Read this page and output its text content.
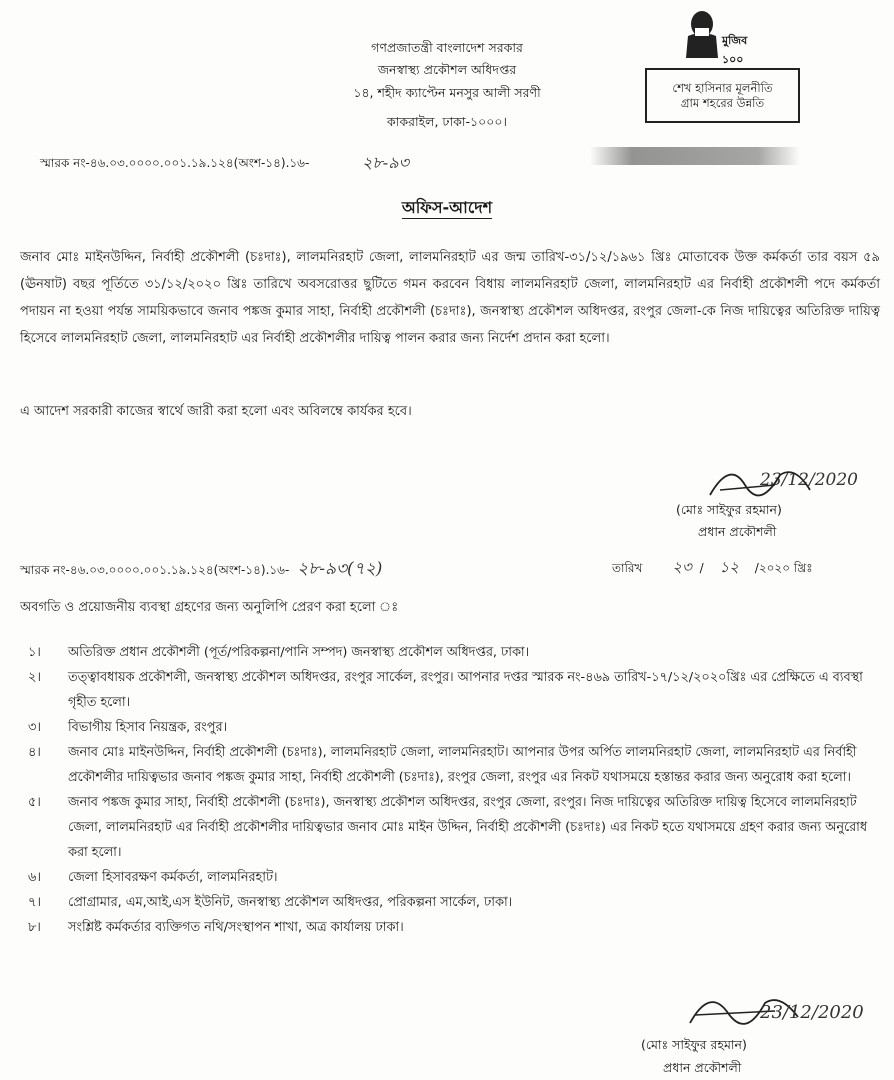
গণপ্রজাতন্ত্রী বাংলাদেশ সরকার
জনস্বাস্থ্য প্রকৌশল অধিদপ্তর
১৪, শহীদ ক্যাপ্টেন মনসুর আলী সরণী
কাকরাইল, ঢাকা-১০০০।
মুজিব ১০০
শেখ হাসিনার মূলনীতি
গ্রাম শহরের উন্নতি
স্মারক নং-৪৬.০৩.০০০০.০০১.১৯.১২৪(অংশ-১৪).১৬-	২৮-৯৩
অফিস-আদেশ
জনাব মোঃ মাইনউদ্দিন, নির্বাহী প্রকৌশলী (চঃদাঃ), লালমনিরহাট জেলা, লালমনিরহাট এর জন্ম তারিখ-৩১/১২/১৯৬১ খ্রিঃ মোতাবেক উক্ত কর্মকর্তা তার বয়স ৫৯ (ঊনষাট) বছর পূর্তিতে ৩১/১২/২০২০ খ্রিঃ তারিখে অবসরোত্তর ছুটিতে গমন করবেন বিধায় লালমনিরহাট জেলা, লালমনিরহাট এর নির্বাহী প্রকৌশলী পদে কর্মকর্তা পদায়ন না হওয়া পর্যন্ত সাময়িকভাবে জনাব পঙ্কজ কুমার সাহা, নির্বাহী প্রকৌশলী (চঃদাঃ), জনস্বাস্থ্য প্রকৌশল অধিদপ্তর, রংপুর জেলা-কে নিজ দায়িত্বের অতিরিক্ত দায়িত্ব হিসেবে লালমনিরহাট জেলা, লালমনিরহাট এর নির্বাহী প্রকৌশলীর দায়িত্ব পালন করার জন্য নির্দেশ প্রদান করা হলো।
এ আদেশ সরকারী কাজের স্বার্থে জারী করা হলো এবং অবিলম্বে কার্যকর হবে।
23/12/2020
(মোঃ সাইফুর রহমান)
প্রধান প্রকৌশলী
স্মারক নং-৪৬.০৩.০০০০.০০১.১৯.১২৪(অংশ-১৪).১৬- ২৮-৯৩(৭২)	তারিখ ২৩ / ১২ /২০২০ খ্রিঃ
অবগতি ও প্রয়োজনীয় ব্যবস্থা গ্রহণের জন্য অনুলিপি প্রেরণ করা হলো ঃ
১। অতিরিক্ত প্রধান প্রকৌশলী (পূর্ত/পরিকল্পনা/পানি সম্পদ) জনস্বাস্থ্য প্রকৌশল অধিদপ্তর, ঢাকা।
২। তত্ত্বাবধায়ক প্রকৌশলী, জনস্বাস্থ্য প্রকৌশল অধিদপ্তর, রংপুর সার্কেল, রংপুর। আপনার দপ্তর স্মারক নং-৪৬৯ তারিখ-১৭/১২/২০২০খ্রিঃ এর প্রেক্ষিতে এ ব্যবস্থা গৃহীত হলো।
৩। বিভাগীয় হিসাব নিয়ন্ত্রক, রংপুর।
৪। জনাব মোঃ মাইনউদ্দিন, নির্বাহী প্রকৌশলী (চঃদাঃ), লালমনিরহাট জেলা, লালমনিরহাট। আপনার উপর অর্পিত লালমনিরহাট জেলা, লালমনিরহাট এর নির্বাহী প্রকৌশলীর দায়িত্বভার জনাব পঙ্কজ কুমার সাহা, নির্বাহী প্রকৌশলী (চঃদাঃ), রংপুর জেলা, রংপুর এর নিকট যথাসময়ে হস্তান্তর করার জন্য অনুরোধ করা হলো।
৫। জনাব পঙ্কজ কুমার সাহা, নির্বাহী প্রকৌশলী (চঃদাঃ), জনস্বাস্থ্য প্রকৌশল অধিদপ্তর, রংপুর জেলা, রংপুর। নিজ দায়িত্বের অতিরিক্ত দায়িত্ব হিসেবে লালমনিরহাট জেলা, লালমনিরহাট এর নির্বাহী প্রকৌশলীর দায়িত্বভার জনাব মোঃ মাইন উদ্দিন, নির্বাহী প্রকৌশলী (চঃদাঃ) এর নিকট হতে যথাসময়ে গ্রহণ করার জন্য অনুরোধ করা হলো।
৬। জেলা হিসাবরক্ষণ কর্মকর্তা, লালমনিরহাট।
৭। প্রোগ্রামার, এম,আই,এস ইউনিট, জনস্বাস্থ্য প্রকৌশল অধিদপ্তর, পরিকল্পনা সার্কেল, ঢাকা।
৮। সংশ্লিষ্ট কর্মকর্তার ব্যক্তিগত নথি/সংস্থাপন শাখা, অত্র কার্যালয় ঢাকা।
23/12/2020
(মোঃ সাইফুর রহমান)
প্রধান প্রকৌশলী
